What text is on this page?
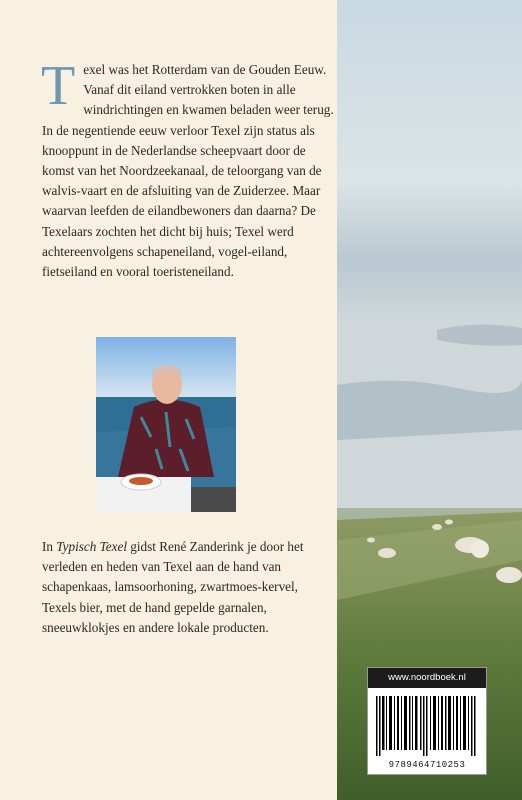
Texel was het Rotterdam van de Gouden Eeuw. Vanaf dit eiland vertrokken boten in alle windrichtingen en kwamen beladen weer terug. In de negentiende eeuw verloor Texel zijn status als knooppunt in de Nederlandse scheepvaart door de komst van het Noordzeekanaal, de teloorgang van de walvis-vaart en de afsluiting van de Zuiderzee. Maar waarvan leefden de eilandbewoners dan daarna? De Texelaars zochten het dicht bij huis; Texel werd achtereenvolgens schapeneiland, vogel-eiland, fietseiland en vooral toeristeneiland.

In Typisch Texel gidst René Zanderink je door het verleden en heden van Texel aan de hand van schapenkaas, lamsoorhoning, zwartmoes-kervel, Texels bier, met de hand gepelde garnalen, sneeuwklokjes en andere lokale producten.

www.noordboek.nl
9789464710253
